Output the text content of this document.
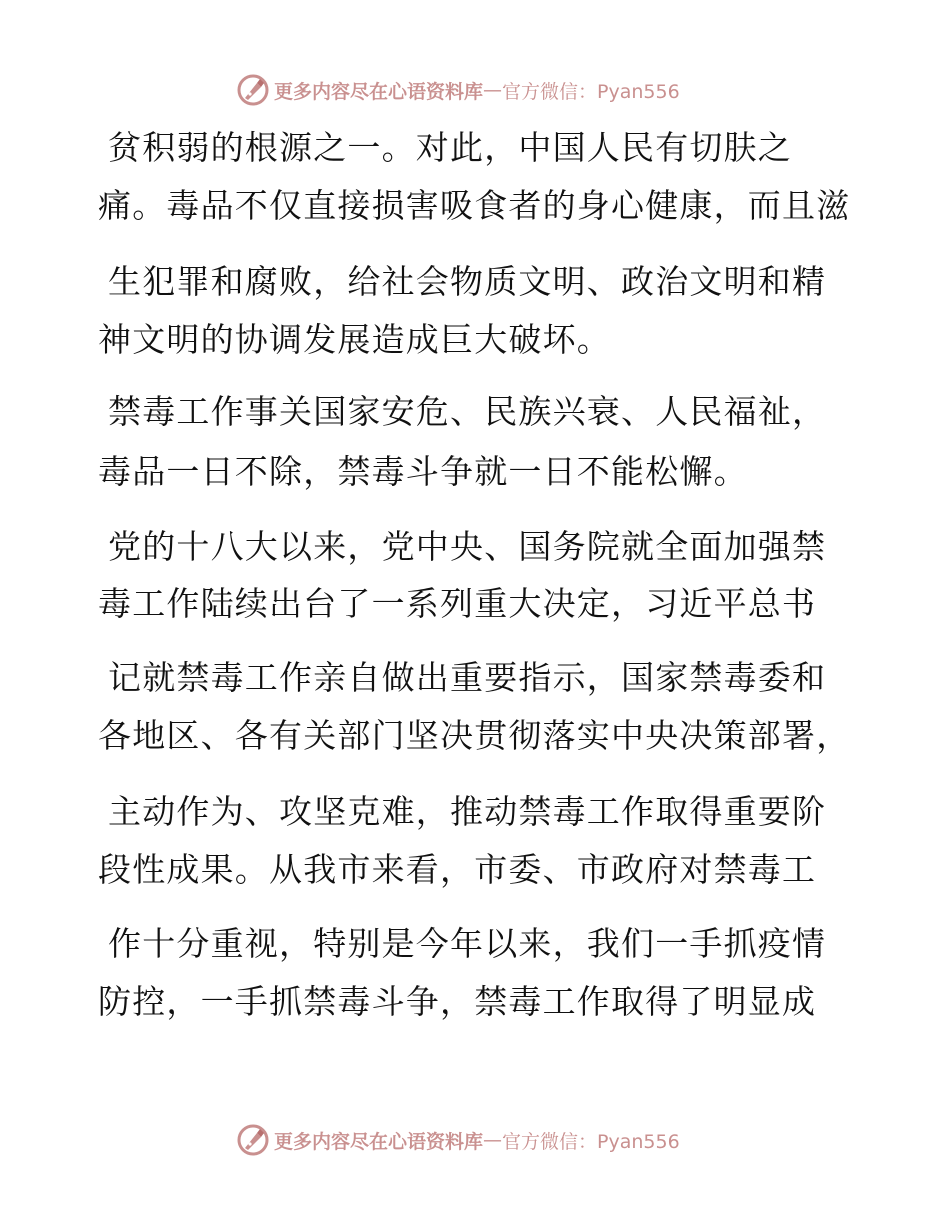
更多内容尽在心语资料库 — 官方微信：Pyan556
贫积弱的根源之一。对此，中国人民有切肤之
痛。毒品不仅直接损害吸食者的身心健康，而且滋
生犯罪和腐败，给社会物质文明、政治文明和精
神文明的协调发展造成巨大破坏。
禁毒工作事关国家安危、民族兴衰、人民福祉，
毒品一日不除，禁毒斗争就一日不能松懈。
党的十八大以来，党中央、国务院就全面加强禁
毒工作陆续出台了一系列重大决定，习近平总书
记就禁毒工作亲自做出重要指示，国家禁毒委和
各地区、各有关部门坚决贯彻落实中央决策部署，
主动作为、攻坚克难，推动禁毒工作取得重要阶
段性成果。从我市来看，市委、市政府对禁毒工
作十分重视，特别是今年以来，我们一手抓疫情
防控，一手抓禁毒斗争，禁毒工作取得了明显成
更多内容尽在心语资料库 — 官方微信：Pyan556
